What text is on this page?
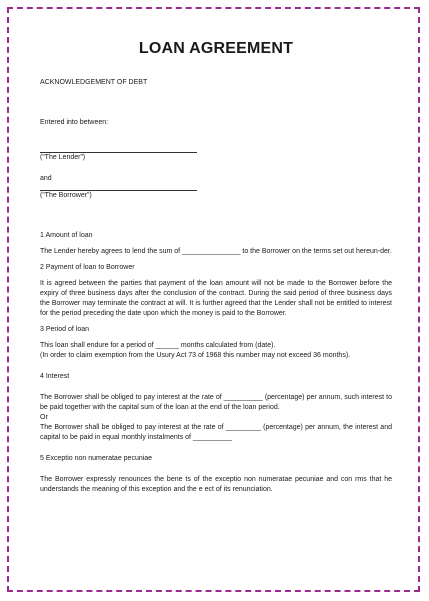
LOAN AGREEMENT

ACKNOWLEDGEMENT OF DEBT

Entered into between:

(“The Lender”)

and

(“The Borrower”)

1 Amount of loan

The Lender hereby agrees to lend the sum of _______________ to the Borrower on the terms set out hereun-der.

2 Payment of loan to Borrower

It is agreed between the parties that payment of the loan amount will not be made to the Borrower before the expiry of three business days after the conclusion of the contract. During the said period of three business days the Borrower may terminate the contract at will. It is further agreed that the Lender shall not be entitled to interest for the period preceding the date upon which the money is paid to the Borrower.

3 Period of loan

This loan shall endure for a period of ______ months calculated from (date).

(In order to claim exemption from the Usury Act 73 of 1968 this number may not exceed 36 months).

4 Interest

The Borrower shall be obliged to pay interest at the rate of __________ (percentage) per annum, such interest to be paid together with the capital sum of the loan at the end of the loan period.

Or

The Borrower shall be obliged to pay interest at the rate of _________ (percentage) per annum, the interest and capital to be paid in equal monthly instalments of __________

5 Exceptio non numeratae pecuniae

The Borrower expressly renounces the bene ts of the exceptio non numeratae pecuniae and con rms that he understands the meaning of this exception and the e ect of its renunciation.
